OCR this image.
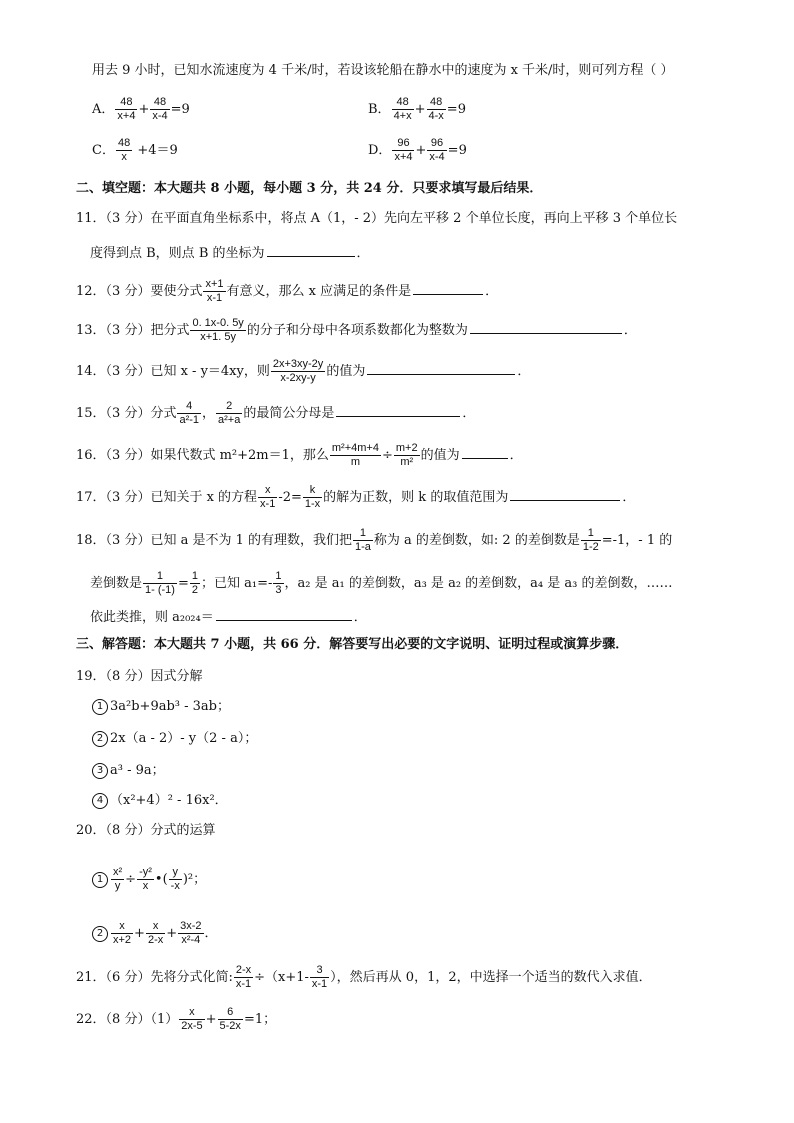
用去 9 小时，已知水流速度为 4 千米/时，若设该轮船在静水中的速度为 x 千米/时，则可列方程（ ）
A． $\frac{48}{x+4} + \frac{48}{x-4} =9$	B． $\frac{48}{4+x} + \frac{48}{4-x} =9$
C． $\frac{48}{x} +4=9$	D． $\frac{96}{x+4} + \frac{96}{x-4} =9$
二、填空题：本大题共 8 小题，每小题 3 分，共 24 分．只要求填写最后结果．
11．（3 分）在平面直角坐标系中，将点 A（1，- 2）先向左平移 2 个单位长度，再向上平移 3 个单位长
度得到点 B，则点 B 的坐标为	．
12．（3 分）要使分式 $\frac{x+1}{x-1}$ 有意义，那么 x 应满足的条件是	．
13．（3 分）把分式 $\frac{0. 1x-0. 5y}{x+1. 5y}$ 的分子和分母中各项系数都化为整数为	．
14．（3 分）已知 x - y＝4xy，则 $\frac{2x+3xy-2y}{x-2xy-y}$ 的值为	．
15．（3 分）分式 $\frac{4}{\text{a²-1}}$ ， $\frac{2}{\text{a²+a}}$ 的最简公分母是	．
16．（3 分）如果代数式 m²+2m＝1，那么 $\frac{\text{m²+4m+4}}{m} \div \frac{m+2}{\text{m²}}$ 的值为	．
17．（3 分）已知关于 x 的方程 $\frac{x}{x-1} -2= \frac{k}{1-x}$ 的解为正数，则 k 的取值范围为	．
18．（3 分）已知 a 是不为 1 的有理数，我们把 $\frac{1}{1-a}$ 称为 a 的差倒数，如: 2 的差倒数是 $\frac{1}{1-2} =-1$，- 1 的
差倒数是 $\frac{1}{1- (-1)} = \frac{1}{2}$ ；已知 $a_1=- \frac{1}{3}$ ，a₂ 是 a₁ 的差倒数，a₃ 是 a₂ 的差倒数，a₄ 是 a₃ 的差倒数，……
依此类推，则 a₂₀₂₄＝	．
三、解答题：本大题共 7 小题，共 66 分．解答要写出必要的文字说明、证明过程或演算步骤．
19．（8 分）因式分解
1 3a²b+9ab³ - 3ab；
2 2x（a - 2）- y（2 - a）；
3 a³ - 9a；
4 （x²+4）² - 16x²．
20．（8 分）分式的运算
$1 \frac{\text{x²}}{y} \div \frac{\text{-y²}}{x}$ •( $\frac{y}{-x} )^2$；
$2 \frac{x}{x+2} + \frac{x}{2-x} + \frac{3x-2}{\text{x²-4}}$ ．
21．（6 分）先将分式化简: $\frac{2-x}{x-1} \div(x+1- \frac{3}{x-1}$ ），然后再从 0，1，2，中选择一个适当的数代入求值．
22．（8 分）$(1) \frac{x}{2x-5} + \frac{6}{5-2x} =1$；
